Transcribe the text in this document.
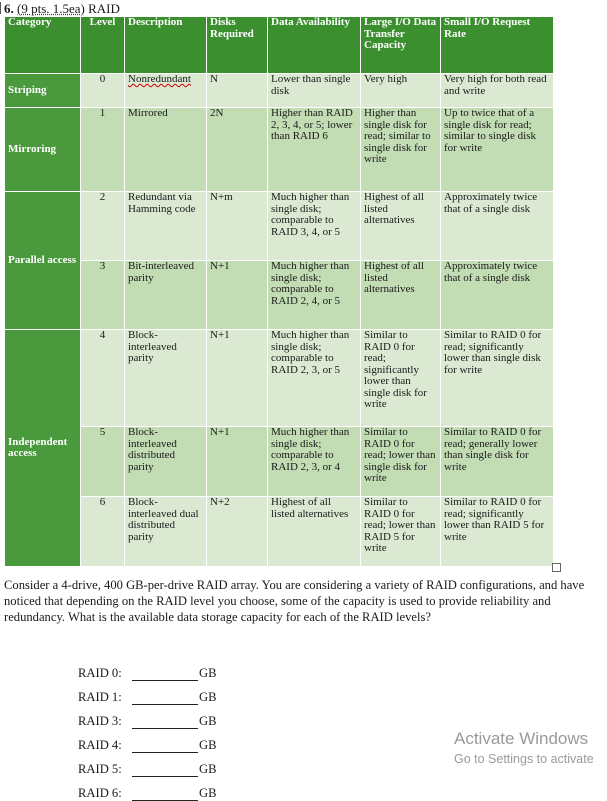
6. (9 pts. 1.5ea) RAID
Category	Level	Description	Disks Required	Data Availability	Large I/O Data Transfer Capacity	Small I/O Request Rate
Striping	0	Nonredundant	N	Lower than single disk	Very high	Very high for both read and write
Mirroring	1	Mirrored	2N	Higher than RAID 2, 3, 4, or 5; lower than RAID 6	Higher than single disk for read; similar to single disk for write	Up to twice that of a single disk for read; similar to single disk for write
Parallel access	2	Redundant via Hamming code	N+m	Much higher than single disk; comparable to RAID 3, 4, or 5	Highest of all listed alternatives	Approximately twice that of a single disk
	3	Bit-interleaved parity	N+1	Much higher than single disk; comparable to RAID 2, 4, or 5	Highest of all listed alternatives	Approximately twice that of a single disk
Independent access	4	Block-interleaved parity	N+1	Much higher than single disk; comparable to RAID 2, 3, or 5	Similar to RAID 0 for read; significantly lower than single disk for write	Similar to RAID 0 for read; significantly lower than single disk for write
	5	Block-interleaved distributed parity	N+1	Much higher than single disk; comparable to RAID 2, 3, or 4	Similar to RAID 0 for read; lower than single disk for write	Similar to RAID 0 for read; generally lower than single disk for write
	6	Block-interleaved dual distributed parity	N+2	Highest of all listed alternatives	Similar to RAID 0 for read; lower than RAID 5 for write	Similar to RAID 0 for read; significantly lower than RAID 5 for write
Consider a 4-drive, 400 GB-per-drive RAID array. You are considering a variety of RAID configurations, and have noticed that depending on the RAID level you choose, some of the capacity is used to provide reliability and redundancy. What is the available data storage capacity for each of the RAID levels?
RAID 0:	GB
RAID 1:	GB
RAID 3:	GB
RAID 4:	GB
RAID 5:	GB
RAID 6:	GB
Activate Windows
Go to Settings to activate
